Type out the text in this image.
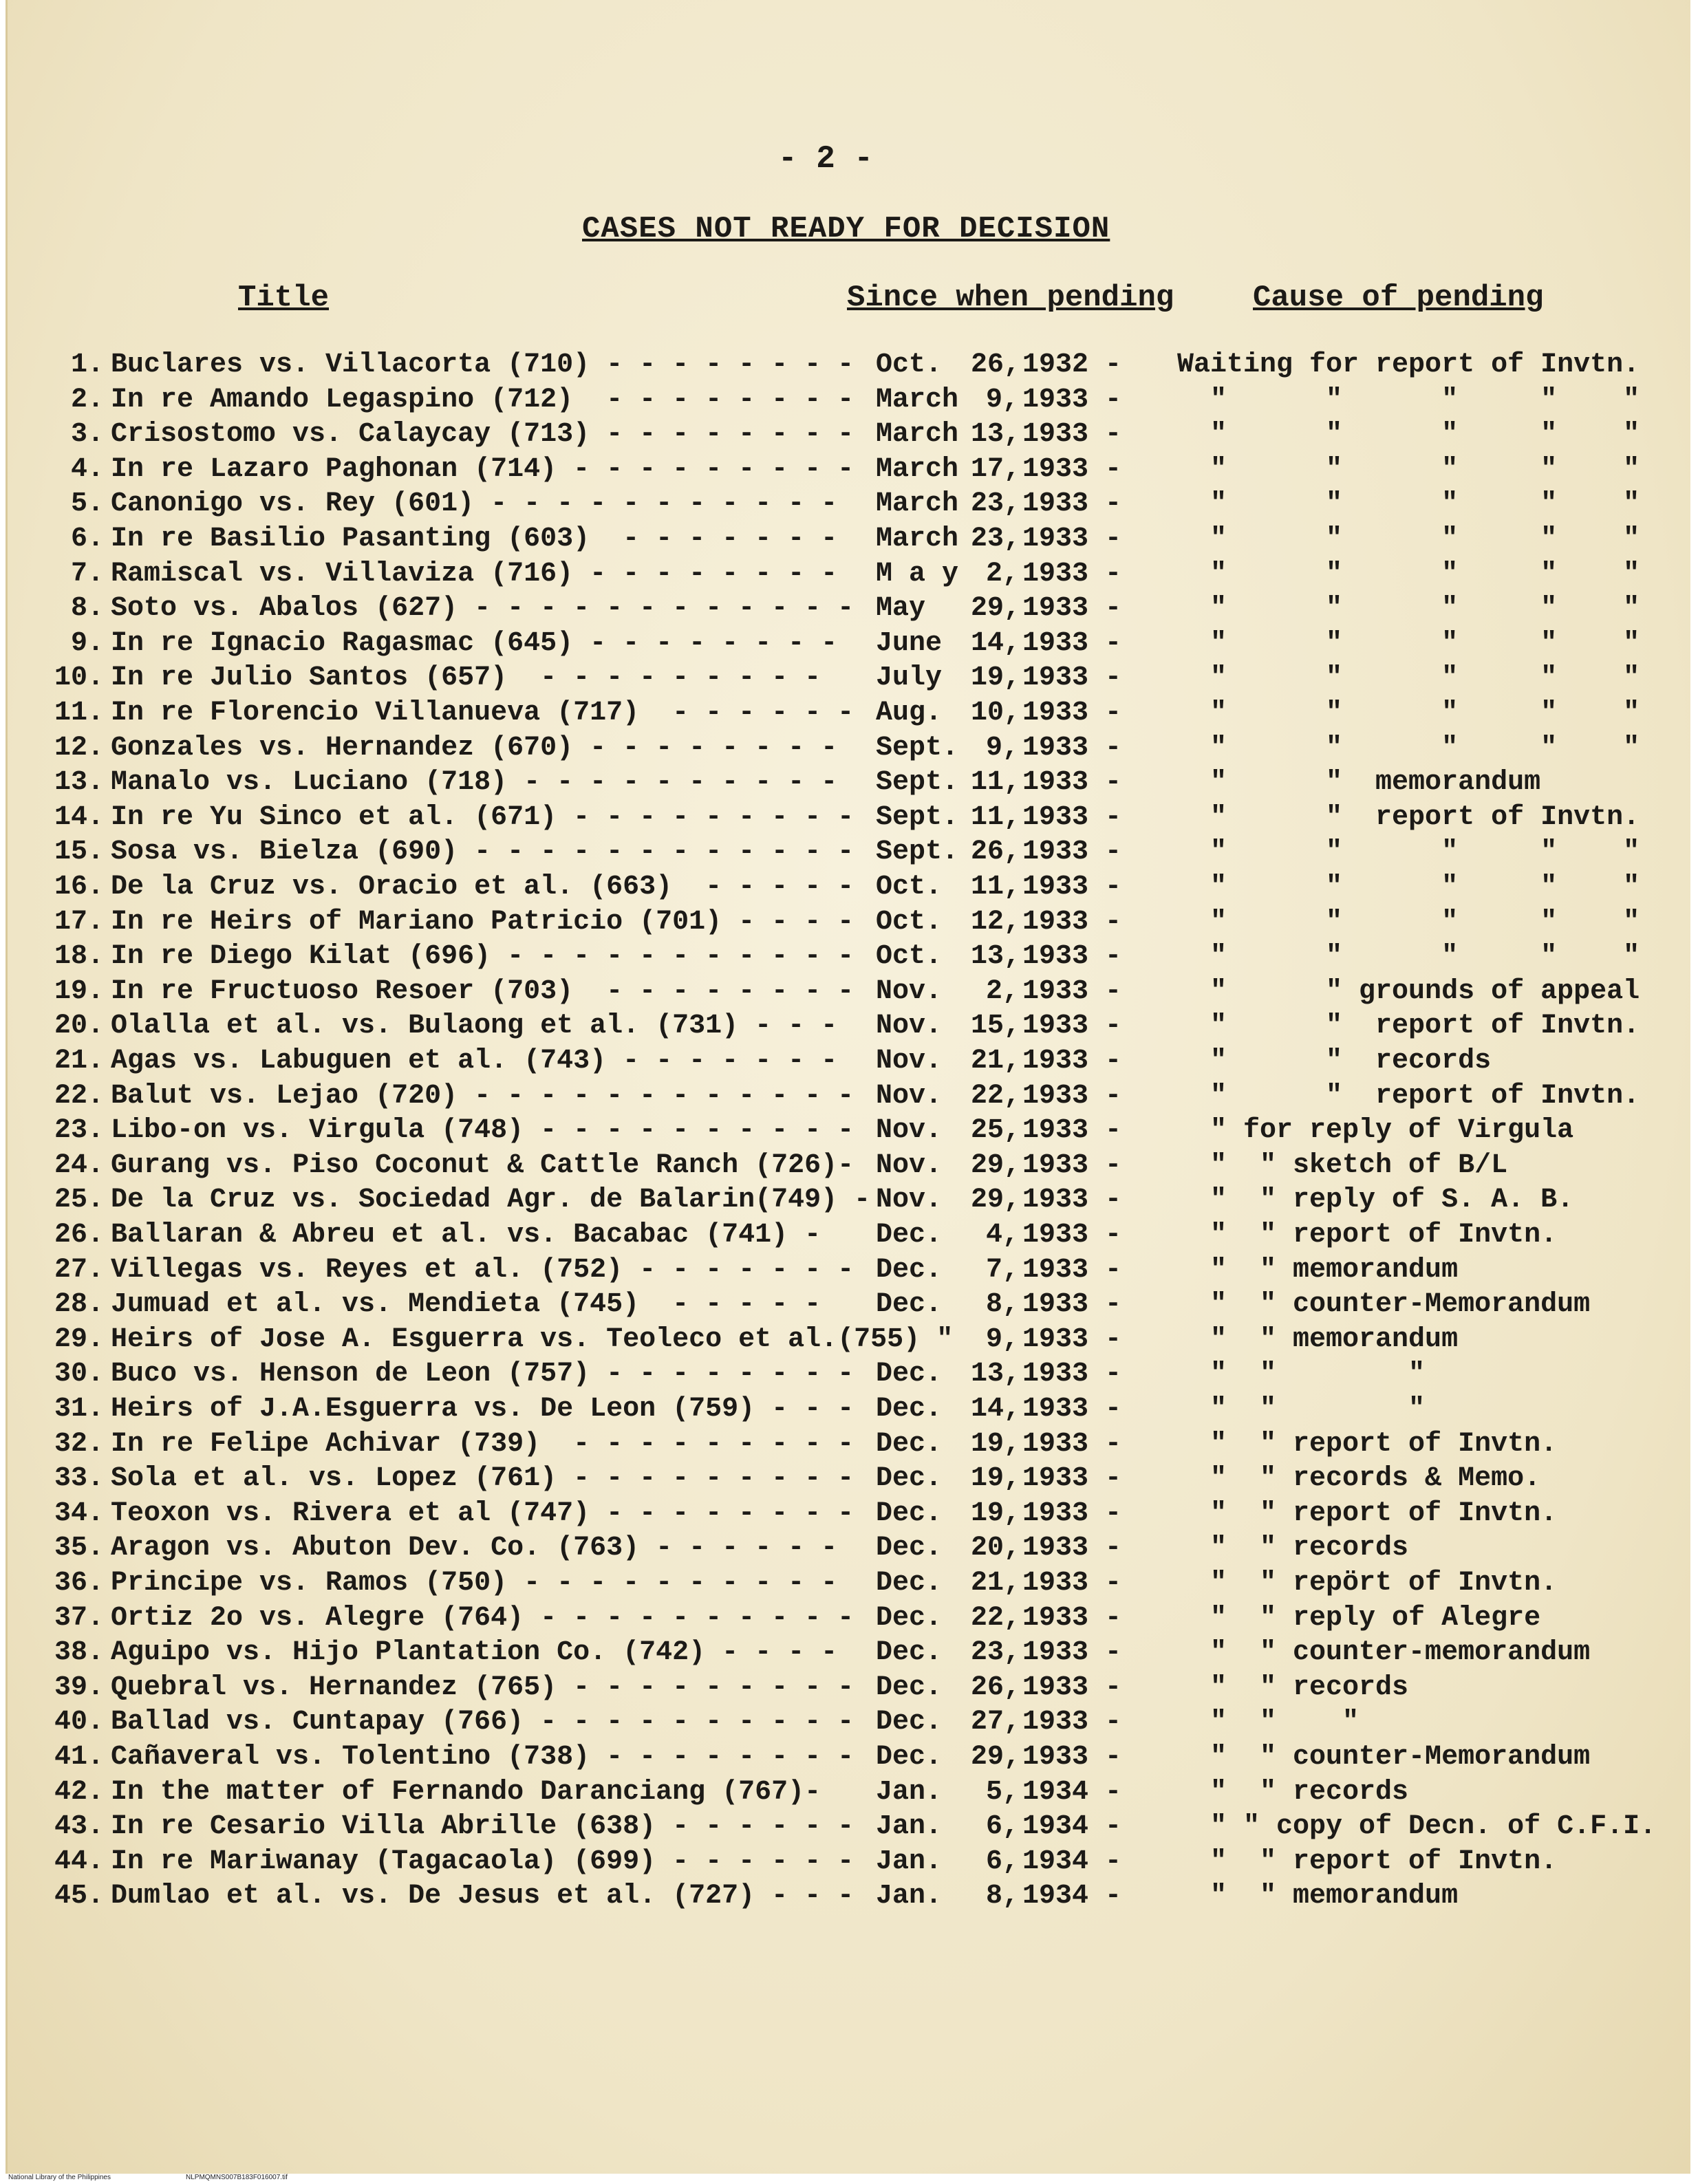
- 2 -
CASES NOT READY FOR DECISION
Title	Since when pending	Cause of pending
1. Buclares vs. Villacorta (710) - - - - - - - - Oct. 26, 1932 - Waiting for report of Invtn.
2. In re Amando Legaspino (712)  - - - - - - - - March 9, 1933 - "      "      "     "    "
3. Crisostomo vs. Calaycay (713) - - - - - - - - March 13, 1933 - "      "      "     "    "
4. In re Lazaro Paghonan (714) - - - - - - - - - March 17, 1933 - "      "      "     "    "
5. Canonigo vs. Rey (601) - - - - - - - - - - - March 23, 1933 - "      "      "     "    "
6. In re Basilio Pasanting (603)  - - - - - - - March 23, 1933 - "      "      "     "    "
7. Ramiscal vs. Villaviza (716) - - - - - - - - M a y 2, 1933 - "      "      "     "    "
8. Soto vs. Abalos (627) - - - - - - - - - - - - May 29, 1933 - "      "      "     "    "
9. In re Ignacio Ragasmac (645) - - - - - - - - June 14, 1933 - "      "      "     "    "
10. In re Julio Santos (657)  - - - - - - - - - July 19, 1933 - "      "      "     "    "
11. In re Florencio Villanueva (717)  - - - - - - Aug. 10, 1933 - "      "      "     "    "
12. Gonzales vs. Hernandez (670) - - - - - - - - Sept. 9, 1933 - "      "      "     "    "
13. Manalo vs. Luciano (718) - - - - - - - - - - Sept. 11, 1933 - "      "  memorandum
14. In re Yu Sinco et al. (671) - - - - - - - - - Sept. 11, 1933 - "      "  report of Invtn.
15. Sosa vs. Bielza (690) - - - - - - - - - - - - Sept. 26, 1933 - "      "      "     "    "
16. De la Cruz vs. Oracio et al. (663)  - - - - - Oct. 11, 1933 - "      "      "     "    "
17. In re Heirs of Mariano Patricio (701) - - - - Oct. 12, 1933 - "      "      "     "    "
18. In re Diego Kilat (696) - - - - - - - - - - - Oct. 13, 1933 - "      "      "     "    "
19. In re Fructuoso Resoer (703)  - - - - - - - - Nov.	2, 1933 - "      " grounds of appeal
20. Olalla et al. vs. Bulaong et al. (731) - - - Nov. 15, 1933 - "      "  report of Invtn.
21. Agas vs. Labuguen et al. (743) - - - - - - - Nov. 21, 1933 - "      "  records
22. Balut vs. Lejao (720) - - - - - - - - - - - - Nov. 22, 1933 - "      "  report of Invtn.
23. Libo-on vs. Virgula (748) - - - - - - - - - - Nov. 25, 1933 - " for reply of Virgula
24. Gurang vs. Piso Coconut & Cattle Ranch (726)- Nov. 29, 1933 - "  " sketch of B/L
25. De la Cruz vs. Sociedad Agr. de Balarin(749) - Nov. 29, 1933 - "  " reply of S. A. B.
26. Ballaran & Abreu et al. vs. Bacabac (741) - Dec.	4, 1933 - "  " report of Invtn.
27. Villegas vs. Reyes et al. (752) - - - - - - - Dec.	7, 1933 - "  " memorandum
28. Jumuad et al. vs. Mendieta (745)  - - - - - Dec.	8, 1933 - "  " counter-Memorandum
29. Heirs of Jose A. Esguerra vs. Teoleco et al.(755) "	9, 1933 - "  " memorandum
30. Buco vs. Henson de Leon (757) - - - - - - - - Dec. 13, 1933 - "  "        "
31. Heirs of J.A.Esguerra vs. De Leon (759) - - - Dec. 14, 1933 - "  "        "
32. In re Felipe Achivar (739)  - - - - - - - - - Dec. 19, 1933 - "  " report of Invtn.
33. Sola et al. vs. Lopez (761) - - - - - - - - - Dec. 19, 1933 - "  " records & Memo.
34. Teoxon vs. Rivera et al (747) - - - - - - - - Dec. 19, 1933 - "  " report of Invtn.
35. Aragon vs. Abuton Dev. Co. (763) - - - - - - Dec. 20, 1933 - "  " records
36. Principe vs. Ramos (750) - - - - - - - - - - Dec. 21, 1933 - "  " repört of Invtn.
37. Ortiz 2o vs. Alegre (764) - - - - - - - - - - Dec. 22, 1933 - "  " reply of Alegre
38. Aguipo vs. Hijo Plantation Co. (742) - - - - Dec. 23, 1933 - "  " counter-memorandum
39. Quebral vs. Hernandez (765) - - - - - - - - - Dec. 26, 1933 - "  " records
40. Ballad vs. Cuntapay (766) - - - - - - - - - - Dec. 27, 1933 - "  "    "
41. Cañaveral vs. Tolentino (738) - - - - - - - - Dec. 29, 1933 - "  " counter-Memorandum
42. In the matter of Fernando Daranciang (767)- Jan.	5, 1934 - "  " records
43. In re Cesario Villa Abrille (638) - - - - - - Jan.	6, 1934 - " " copy of Decn. of C.F.I.
44. In re Mariwanay (Tagacaola) (699) - - - - - - Jan.	6, 1934 - "  " report of Invtn.
45. Dumlao et al. vs. De Jesus et al. (727) - - - Jan.	8, 1934 - "  " memorandum
National Library of the Philippines	NLPMQMNS007B183F016007.tif
